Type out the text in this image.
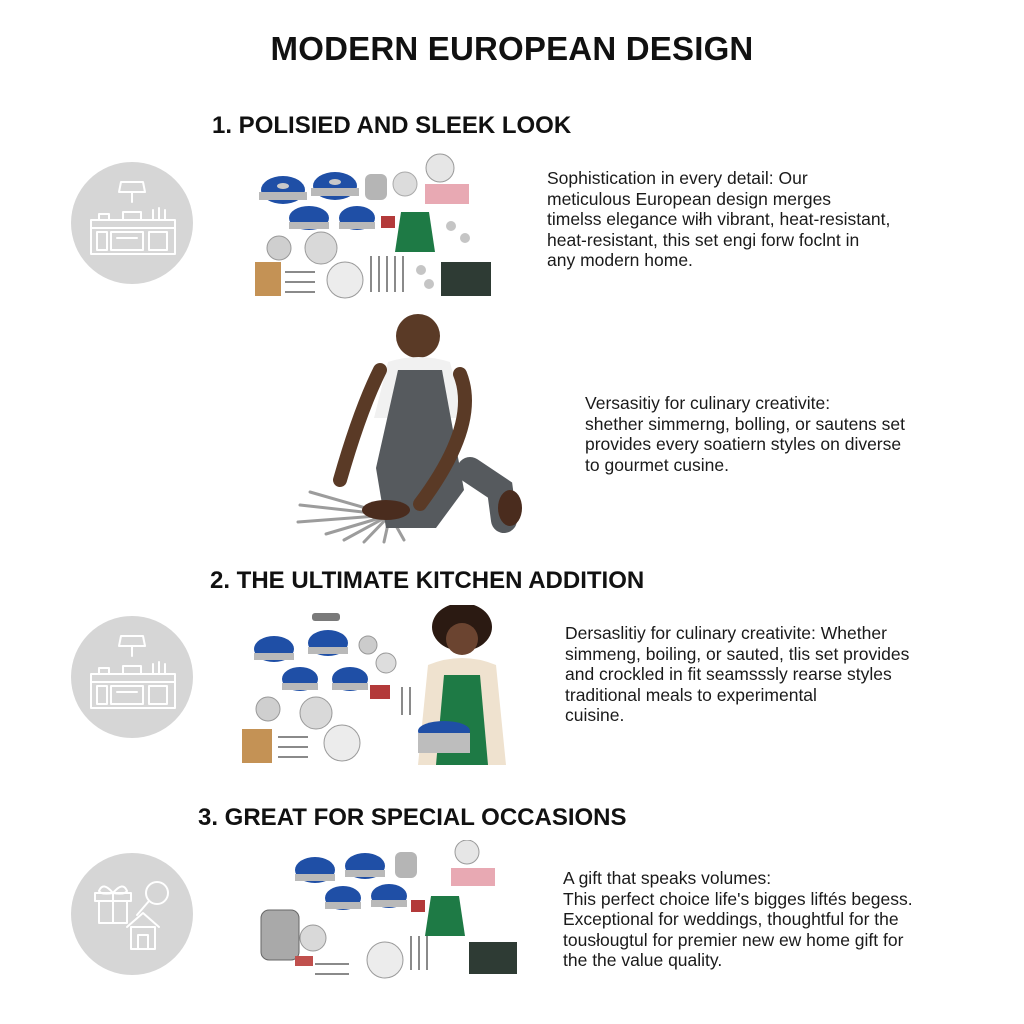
MODERN EUROPEAN DESIGN
1. POLISIED AND SLEEK LOOK

Sophistication in every detail: Our

meticulous European design merges

timelss elegance wiłh vibrant, heat-resistant,

heat-resistant, this set engi forw foclnt in

any modern home.

Versasitiy for culinary creativite:

shether simmerng, bolling, or sautens set

provides every soatiern styles on diverse

to gourmet cusine.

2. THE ULTIMATE KITCHEN ADDITION

Dersaslitiy for culinary creativite: Whether

simmeng, boiling, or sauted, tlis set provides

and crockled in fit seamsssly rearse styles

traditional meals to experimental

cuisine.

3. GREAT FOR SPECIAL OCCASIONS

A gift that speaks volumes:

This perfect choice life's bigges liftés begess.

Exceptional for weddings, thoughtful for the

tousłougtul for premier new ew home gift for

the the value quality.
